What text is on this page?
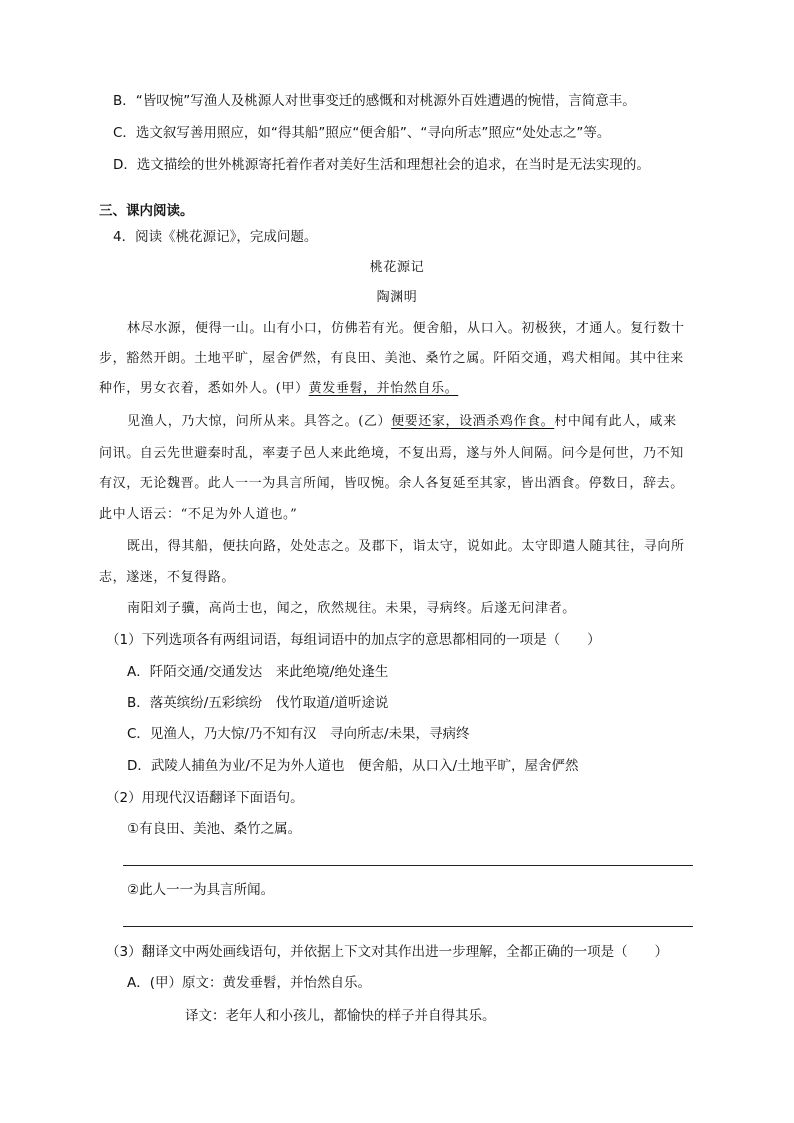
B．“皆叹惋”写渔人及桃源人对世事变迁的感慨和对桃源外百姓遭遇的惋惜，言简意丰。
C．选文叙写善用照应，如“得其船”照应“便舍船”、“寻向所志”照应“处处志之”等。
D．选文描绘的世外桃源寄托着作者对美好生活和理想社会的追求，在当时是无法实现的。
三、课内阅读。
4．阅读《桃花源记》，完成问题。
桃花源记
陶渊明
林尽水源，便得一山。山有小口，仿佛若有光。便舍船，从口入。初极狭，才通人。复行数十
步，豁然开朗。土地平旷，屋舍俨然，有良田、美池、桑竹之属。阡陌交通，鸡犬相闻。其中往来
种作，男女衣着，悉如外人。(甲）黄发垂髫，并怡然自乐。
见渔人，乃大惊，问所从来。具答之。(乙）便要还家，设酒杀鸡作食。村中闻有此人，咸来
问讯。自云先世避秦时乱，率妻子邑人来此绝境，不复出焉，遂与外人间隔。问今是何世，乃不知
有汉，无论魏晋。此人一一为具言所闻，皆叹惋。余人各复延至其家，皆出酒食。停数日，辞去。
此中人语云：“不足为外人道也。”
既出，得其船，便扶向路，处处志之。及郡下，诣太守，说如此。太守即遣人随其往，寻向所
志，遂迷，不复得路。
南阳刘子骥，高尚士也，闻之，欣然规往。未果，寻病终。后遂无问津者。
（1）下列选项各有两组词语，每组词语中的加点字的意思都相同的一项是（　　）
A．阡陌交通/交通发达　来此绝境/绝处逢生
B．落英缤纷/五彩缤纷　伐竹取道/道听途说
C．见渔人，乃大惊/乃不知有汉　寻向所志/未果，寻病终
D．武陵人捕鱼为业/不足为外人道也　便舍船，从口入/土地平旷，屋舍俨然
（2）用现代汉语翻译下面语句。
①有良田、美池、桑竹之属。
②此人一一为具言所闻。
（3）翻译文中两处画线语句，并依据上下文对其作出进一步理解，全都正确的一项是（　　）
A．(甲）原文：黄发垂髫，并怡然自乐。
译文：老年人和小孩儿，都愉快的样子并自得其乐。
